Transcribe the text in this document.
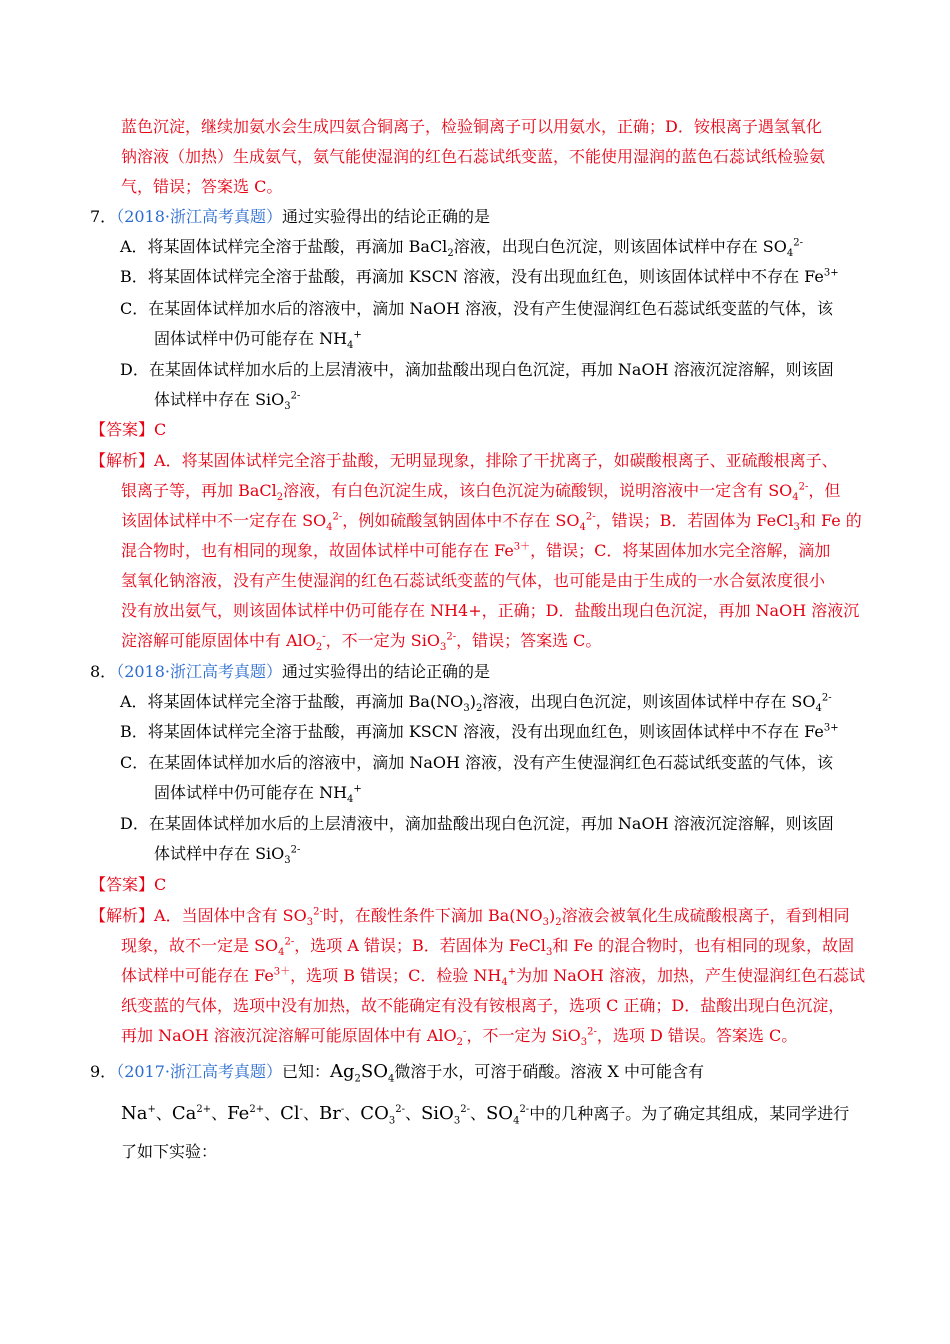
蓝色沉淀，继续加氨水会生成四氨合铜离子，检验铜离子可以用氨水，正确；D．铵根离子遇氢氧化
钠溶液（加热）生成氨气，氨气能使湿润的红色石蕊试纸变蓝，不能使用湿润的蓝色石蕊试纸检验氨
气，错误；答案选 C。
7．（2018·浙江高考真题）通过实验得出的结论正确的是
A．将某固体试样完全溶于盐酸，再滴加 BaCl$_2$溶液，出现白色沉淀，则该固体试样中存在 $SO_4^{2-}$
B．将某固体试样完全溶于盐酸，再滴加 KSCN 溶液，没有出现血红色，则该固体试样中不存在 $Fe^{3+}$
C．在某固体试样加水后的溶液中，滴加 NaOH 溶液，没有产生使湿润红色石蕊试纸变蓝的气体，该
固体试样中仍可能存在 $NH_4^+$
D．在某固体试样加水后的上层清液中，滴加盐酸出现白色沉淀，再加 NaOH 溶液沉淀溶解，则该固
体试样中存在 SiO$_3^{2-}$
【答案】C
【解析】A．将某固体试样完全溶于盐酸，无明显现象，排除了干扰离子，如碳酸根离子、亚硫酸根离子、
银离子等，再加 BaCl$_2$溶液，有白色沉淀生成，该白色沉淀为硫酸钡，说明溶液中一定含有 $SO_4^{2-}$，但
该固体试样中不一定存在 $SO_4^{2-}$，例如硫酸氢钠固体中不存在 $SO_4^{2-}$，错误；B．若固体为 FeCl$_3$和 Fe 的
混合物时，也有相同的现象，故固体试样中可能存在 $Fe^{3+}$，错误；C．将某固体加水完全溶解，滴加
氢氧化钠溶液，没有产生使湿润的红色石蕊试纸变蓝的气体，也可能是由于生成的一水合氨浓度很小
没有放出氨气，则该固体试样中仍可能存在 NH4+，正确；D．盐酸出现白色沉淀，再加 NaOH 溶液沉
淀溶解可能原固体中有 AlO$_2$-，不一定为 SiO$_3^{2-}$，错误；答案选 C。
8．（2018·浙江高考真题）通过实验得出的结论正确的是
A．将某固体试样完全溶于盐酸，再滴加 $Ba(NO_3)_2$溶液，出现白色沉淀，则该固体试样中存在 $SO_4^{2-}$
B．将某固体试样完全溶于盐酸，再滴加 KSCN 溶液，没有出现血红色，则该固体试样中不存在 $Fe^{3+}$
C．在某固体试样加水后的溶液中，滴加 NaOH 溶液，没有产生使湿润红色石蕊试纸变蓝的气体，该
固体试样中仍可能存在 $NH_4^+$
D．在某固体试样加水后的上层清液中，滴加盐酸出现白色沉淀，再加 NaOH 溶液沉淀溶解，则该固
体试样中存在 SiO$_3^{2-}$
【答案】C
【解析】A．当固体中含有 $SO_3^{2-}$时，在酸性条件下滴加 $Ba(NO_3)_2$溶液会被氧化生成硫酸根离子，看到相同
现象，故不一定是 $SO_4^{2-}$，选项 A 错误；B．若固体为 FeCl$_3$和 Fe 的混合物时，也有相同的现象，故固
体试样中可能存在 $Fe^{3+}$，选项 B 错误；C．检验 $NH_4^+$为加 NaOH 溶液，加热，产生使湿润红色石蕊试
纸变蓝的气体，选项中没有加热，故不能确定有没有铵根离子，选项 C 正确；D．盐酸出现白色沉淀，
再加 NaOH 溶液沉淀溶解可能原固体中有 AlO$_2$-，不一定为 SiO$_3^{2-}$，选项 D 错误。答案选 C。
9．（2017·浙江高考真题）已知：$Ag_2SO_4$微溶于水，可溶于硝酸。溶液 X 中可能含有
Na+、$Ca^{2+}$、$Fe^{2+}$、Cl-、Br-、$CO_3^{2-}$、SiO$_3^{2-}$、$SO_4^{2-}$中的几种离子。为了确定其组成，某同学进行
了如下实验：
